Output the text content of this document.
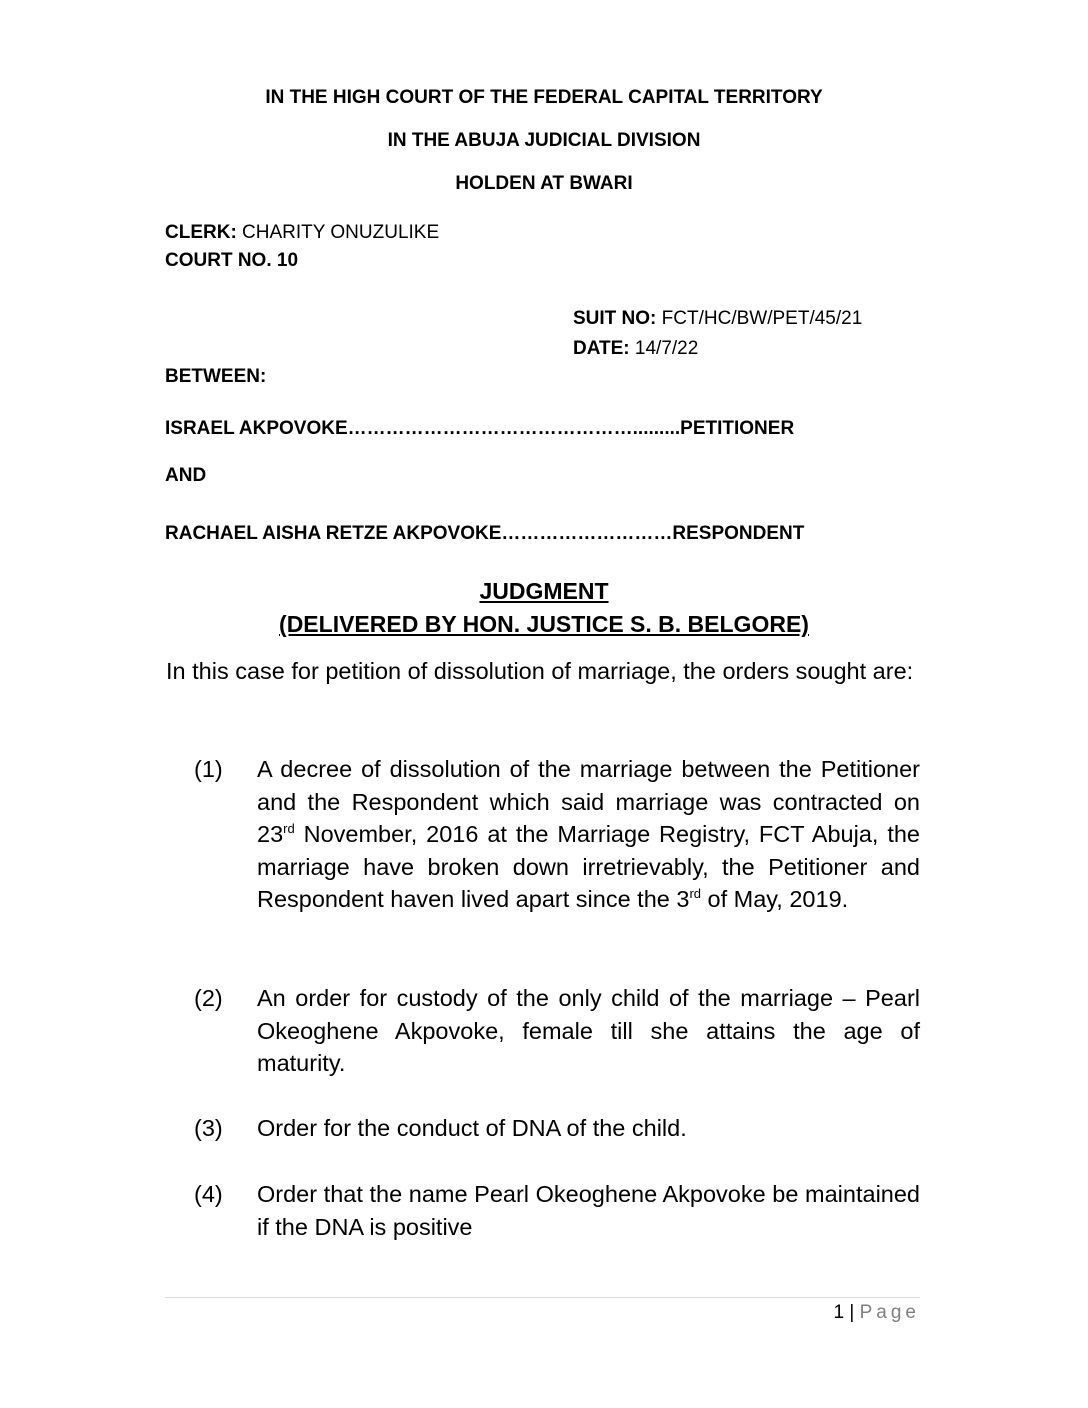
IN THE HIGH COURT OF THE FEDERAL CAPITAL TERRITORY
IN THE ABUJA JUDICIAL DIVISION
HOLDEN AT BWARI
CLERK: CHARITY ONUZULIKE
COURT NO. 10
SUIT NO: FCT/HC/BW/PET/45/21
DATE: 14/7/22
BETWEEN:
ISRAEL AKPOVOKE……………………………………….........PETITIONER
AND
RACHAEL AISHA RETZE AKPOVOKE………………………RESPONDENT
JUDGMENT
(DELIVERED BY HON. JUSTICE S. B. BELGORE)
In this case for petition of dissolution of marriage, the orders sought are:
(1) A decree of dissolution of the marriage between the Petitioner and the Respondent which said marriage was contracted on 23rd November, 2016 at the Marriage Registry, FCT Abuja, the marriage have broken down irretrievably, the Petitioner and Respondent haven lived apart since the 3rd of May, 2019.
(2) An order for custody of the only child of the marriage – Pearl Okeoghene Akpovoke, female till she attains the age of maturity.
(3) Order for the conduct of DNA of the child.
(4) Order that the name Pearl Okeoghene Akpovoke be maintained if the DNA is positive
1 | Page
